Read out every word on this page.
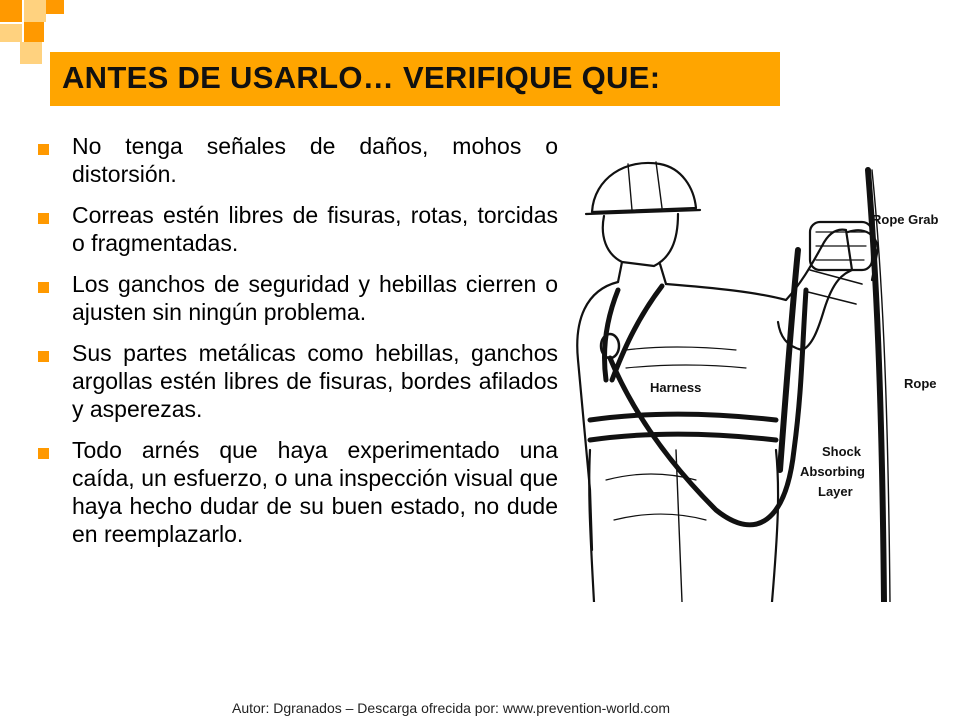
ANTES DE USARLO… VERIFIQUE QUE:
No tenga señales de daños, mohos o distorsión.
Correas estén libres de fisuras, rotas, torcidas o fragmentadas.
Los ganchos de seguridad y hebillas cierren o ajusten sin ningún problema.
Sus partes metálicas como hebillas, ganchos argollas estén libres de fisuras, bordes afilados y asperezas.
Todo arnés que haya experimentado una caída, un esfuerzo, o una inspección visual que haya hecho dudar de su buen estado, no dude en reemplazarlo.
Rope Grab
Harness	Rope
Shock
Absorbing
Layer
Autor: Dgranados – Descarga ofrecida por: www.prevention-world.com
